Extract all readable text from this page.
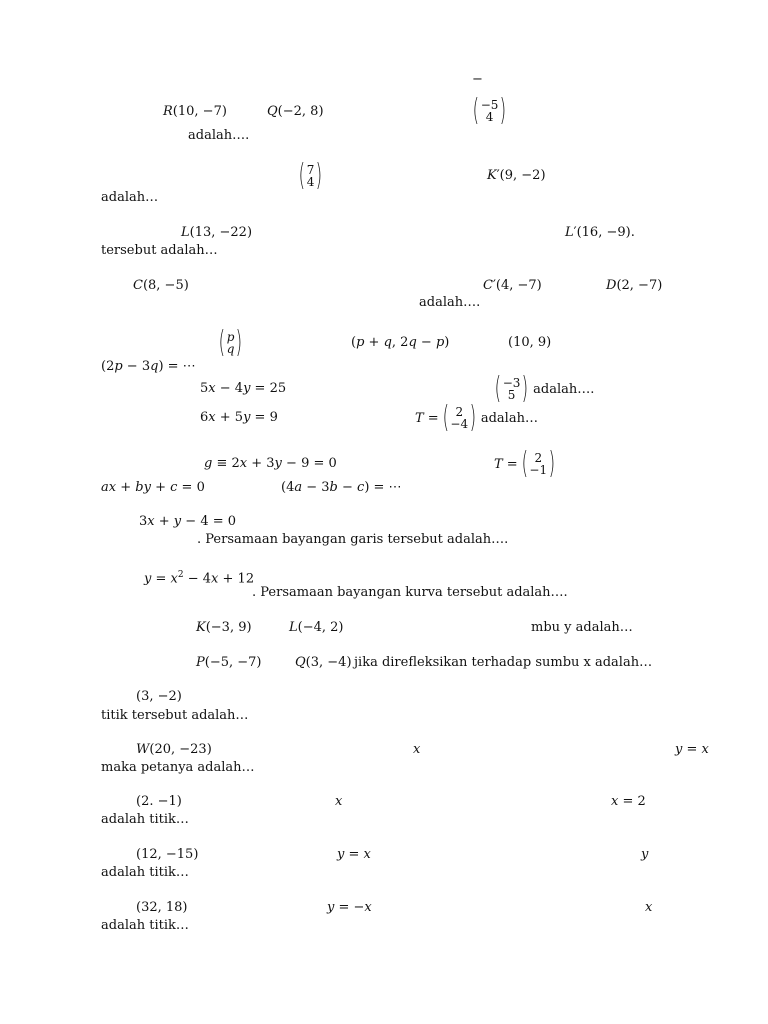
−
R(10, −7)	Q(−2, 8)
adalah….
K′(9, −2)
adalah…
L(13, −22)	L′(16, −9).
tersebut adalah…
C(8, −5)	C′(4, −7)	D(2, −7)
adalah….
(p + q, 2q − p)	(10, 9)
(2p − 3q) = ⋯
5x − 4y = 25
6x + 5y = 9
g ≡ 2x + 3y − 9 = 0
ax + by + c = 0	(4a − 3b − c) = ⋯
3x + y − 4 = 0
. Persamaan bayangan garis tersebut adalah….
$y = x^2 - 4x + 12$
. Persamaan bayangan kurva tersebut adalah….
K(−3, 9)	L(−4, 2)	mbu y adalah…
P(−5, −7)	Q(3, −4) jika direfleksikan terhadap sumbu x adalah…
(3, −2)
titik tersebut adalah…
W(20, −23)	x	y = x
maka petanya adalah…
(2. −1)	x	x = 2
adalah titik…
(12, −15)	y = x	y
adalah titik…
(32, 18)	y = −x	x
adalah titik…
( −5
4 )
( 7
4 )
( p
q )
( −3
5 ) adalah….
T = ( 2
−4 ) adalah…
T = ( 2
−1 )
